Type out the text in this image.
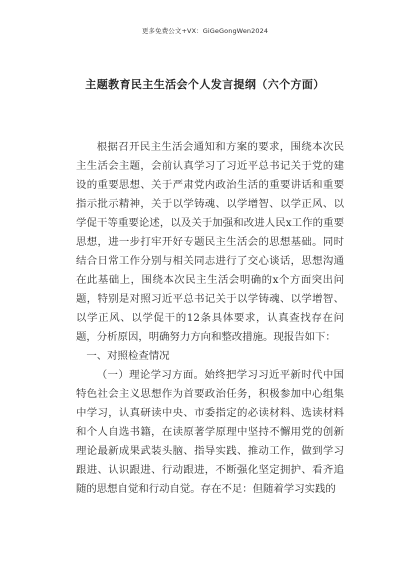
更多免费公文+VX：GiGeGongWen2024
主题教育民主生活会个人发言提纲（六个方面）

根据召开民主生活会通知和方案的要求，围绕本次民主生活会主题，会前认真学习了习近平总书记关于党的建设的重要思想、关于严肃党内政治生活的重要讲话和重要指示批示精神，关于以学铸魂、以学增智、以学正风、以学促干等重要论述，以及关于加强和改进人民x工作的重要思想，进一步打牢开好专题民主生活会的思想基础。同时结合日常工作分别与相关同志进行了交心谈话，思想沟通在此基础上，围绕本次民主生活会明确的x个方面突出问题，特别是对照习近平总书记关于以学铸魂、以学增智、以学正风、以学促干的12条具体要求，认真查找存在问题，分析原因，明确努力方向和整改措施。现报告如下：

一、对照检查情况

（一）理论学习方面。始终把学习习近平新时代中国特色社会主义思想作为首要政治任务，积极参加中心组集中学习，认真研读中央、市委指定的必读材料、选读材料和个人自选书籍，在读原著学原理中坚持不懈用党的创新理论最新成果武装头脑、指导实践、推动工作，做到学习跟进、认识跟进、行动跟进，不断强化坚定拥护、看齐追随的思想自觉和行动自觉。存在不足：但随着学习实践的
